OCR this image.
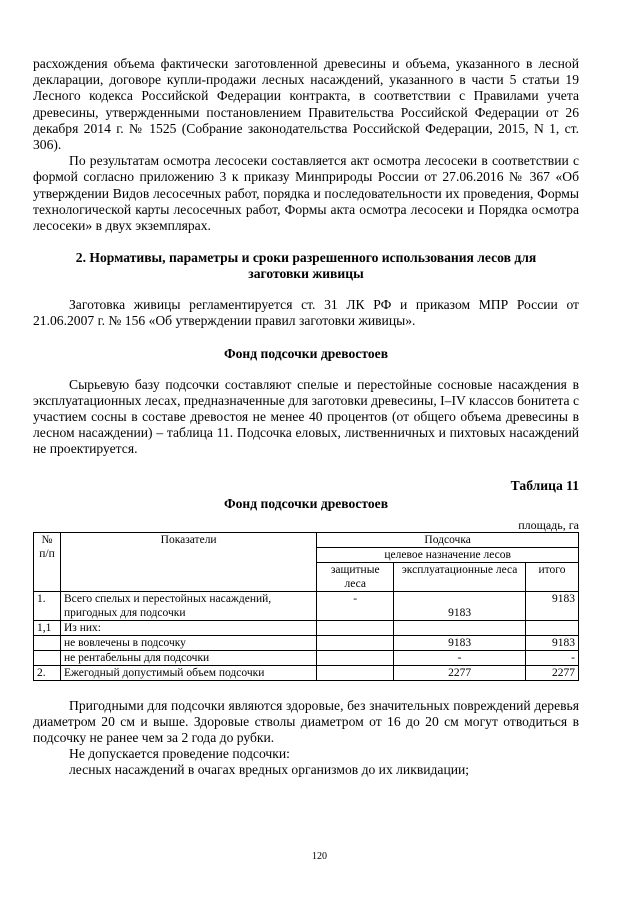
расхождения объема фактически заготовленной древесины и объема, указанного в лесной декларации, договоре купли-продажи лесных насаждений, указанного в части 5 статьи 19 Лесного кодекса Российской Федерации контракта, в соответствии с Правилами учета древесины, утвержденными постановлением Правительства Российской Федерации от 26 декабря 2014 г. № 1525 (Собрание законодательства Российской Федерации, 2015, N 1, ст. 306).

По результатам осмотра лесосеки составляется акт осмотра лесосеки в соответствии с формой согласно приложению 3 к приказу Минприроды России от 27.06.2016 № 367 «Об утверждении Видов лесосечных работ, порядка и последовательности их проведения, Формы технологической карты лесосечных работ, Формы акта осмотра лесосеки и Порядка осмотра лесосеки» в двух экземплярах.

2. Нормативы, параметры и сроки разрешенного использования лесов для
заготовки живицы

Заготовка живицы регламентируется ст. 31 ЛК РФ и приказом МПР России от 21.06.2007 г. № 156 «Об утверждении правил заготовки живицы».

Фонд подсочки древостоев

Сырьевую базу подсочки составляют спелые и перестойные сосновые насаждения в эксплуатационных лесах, предназначенные для заготовки древесины, I–IV классов бонитета с участием сосны в составе древостоя не менее 40 процентов (от общего объема древесины в лесном насаждении) – таблица 11. Подсочка еловых, лиственничных и пихтовых насаждений не проектируется.

Таблица 11
Фонд подсочки древостоев
площадь, га
№ п/п	Показатели	Подсочка		
		целевое назначение лесов		
		защитные леса	эксплуатационные леса	итого
1.	Всего спелых и перестойных насаждений, пригодных для подсочки	-	9183	9183
1,1	Из них:			
	не вовлечены в подсочку		9183	9183
	не рентабельны для подсочки		-	-
2.	Ежегодный допустимый объем подсочки		2277	2277

Пригодными для подсочки являются здоровые, без значительных повреждений деревья диаметром 20 см и выше. Здоровые стволы диаметром от 16 до 20 см могут отводиться в подсочку не ранее чем за 2 года до рубки.

Не допускается проведение подсочки:

лесных насаждений в очагах вредных организмов до их ликвидации;

120
